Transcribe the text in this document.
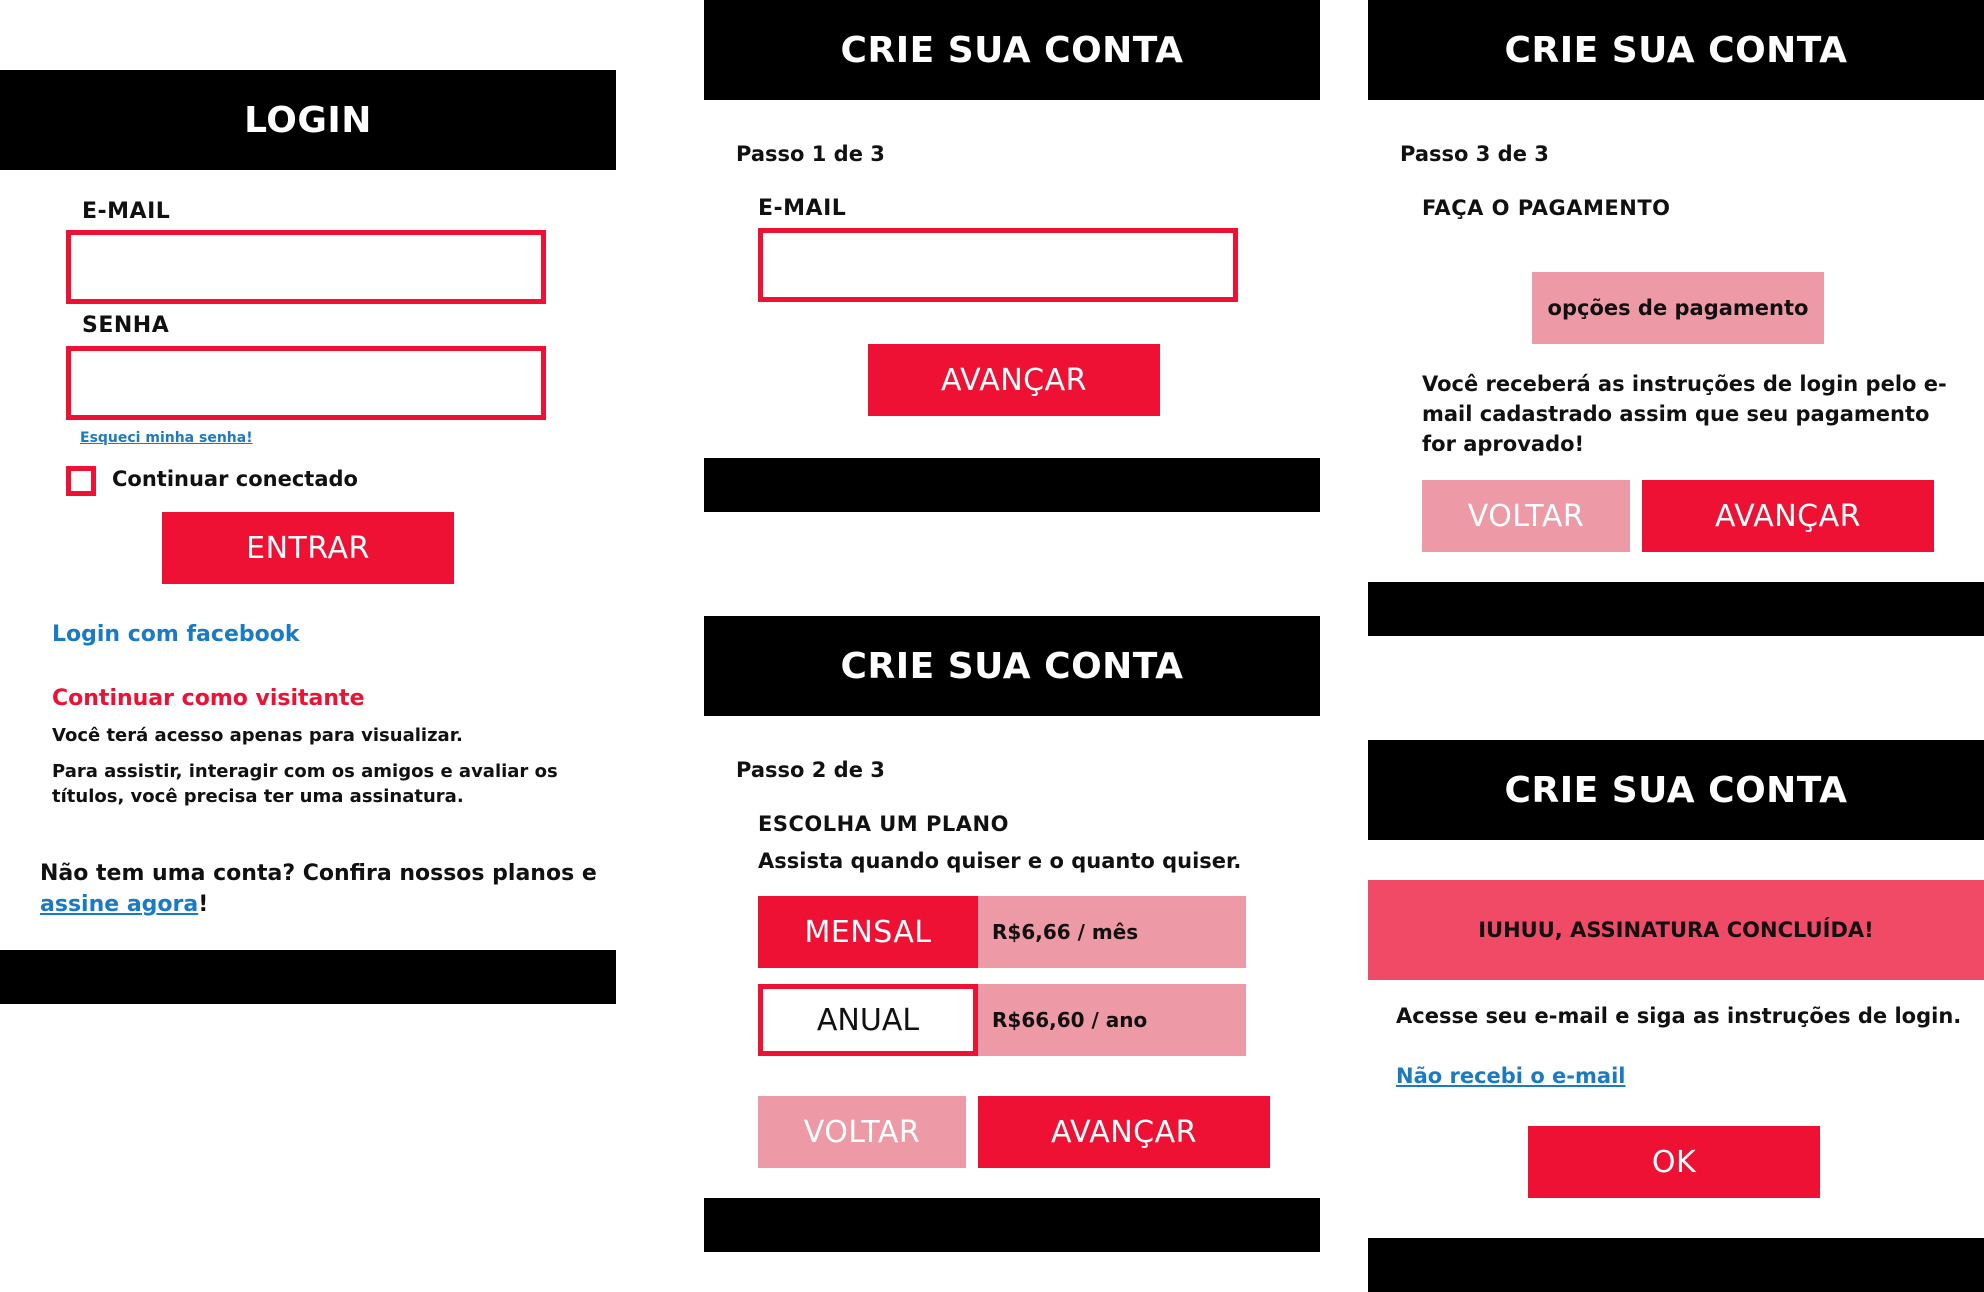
LOGIN
E-MAIL
SENHA
Esqueci minha senha!
Continuar conectado
ENTRAR
Login com facebook
Continuar como visitante
Você terá acesso apenas para visualizar.
Para assistir, interagir com os amigos e avaliar os títulos, você precisa ter uma assinatura.
Não tem uma conta? Confira nossos planos e assine agora!
CRIE SUA CONTA
Passo 1 de 3
E-MAIL
AVANÇAR
CRIE SUA CONTA
Passo 2 de 3
ESCOLHA UM PLANO
Assista quando quiser e o quanto quiser.
MENSAL	R$6,66 / mês
ANUAL	R$66,60 / ano
VOLTAR	AVANÇAR
CRIE SUA CONTA
Passo 3 de 3
FAÇA O PAGAMENTO
opções de pagamento
Você receberá as instruções de login pelo e-mail cadastrado assim que seu pagamento for aprovado!
VOLTAR	AVANÇAR
CRIE SUA CONTA
IUHUU, ASSINATURA CONCLUÍDA!
Acesse seu e-mail e siga as instruções de login.
Não recebi o e-mail
OK
